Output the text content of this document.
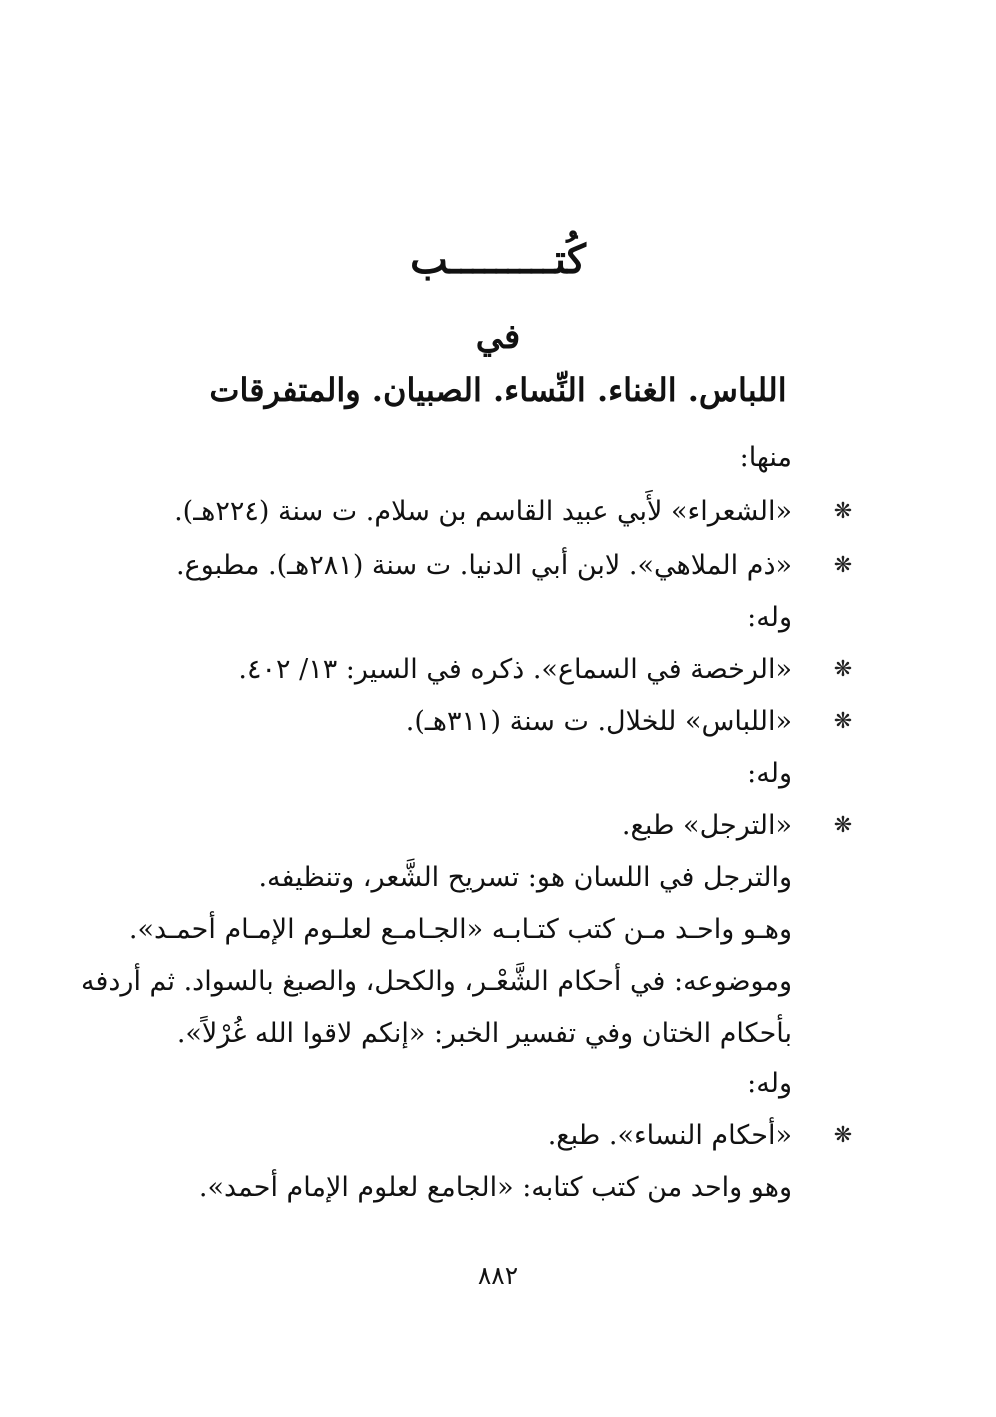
كُتـــــــــب
في
اللباس. الغناء. النِّساء. الصبيان. والمتفرقات
منها:
❋
«الشعراء» لأَبي عبيد القاسم بن سلام. ت سنة (٢٢٤هـ).
❋
«ذم الملاهي». لابن أبي الدنيا. ت سنة (٢٨١هـ). مطبوع.
وله:
❋
«الرخصة في السماع». ذكره في السير: ١٣/ ٤٠٢.
❋
«اللباس» للخلال. ت سنة (٣١١هـ).
وله:
❋
«الترجل» طبع.
والترجل في اللسان هو: تسريح الشَّعر، وتنظيفه.
وهـو واحـد مـن كتب كتـابـه «الجـامـع لعلـوم الإمـام أحمـد».
وموضوعه: في أحكام الشَّعْـر، والكحل، والصبغ بالسواد. ثم أردفه
بأحكام الختان وفي تفسير الخبر: «إنكم لاقوا الله غُرْلاً».
وله:
❋
«أحكام النساء». طبع.
وهو واحد من كتب كتابه: «الجامع لعلوم الإمام أحمد».
٨٨٢
